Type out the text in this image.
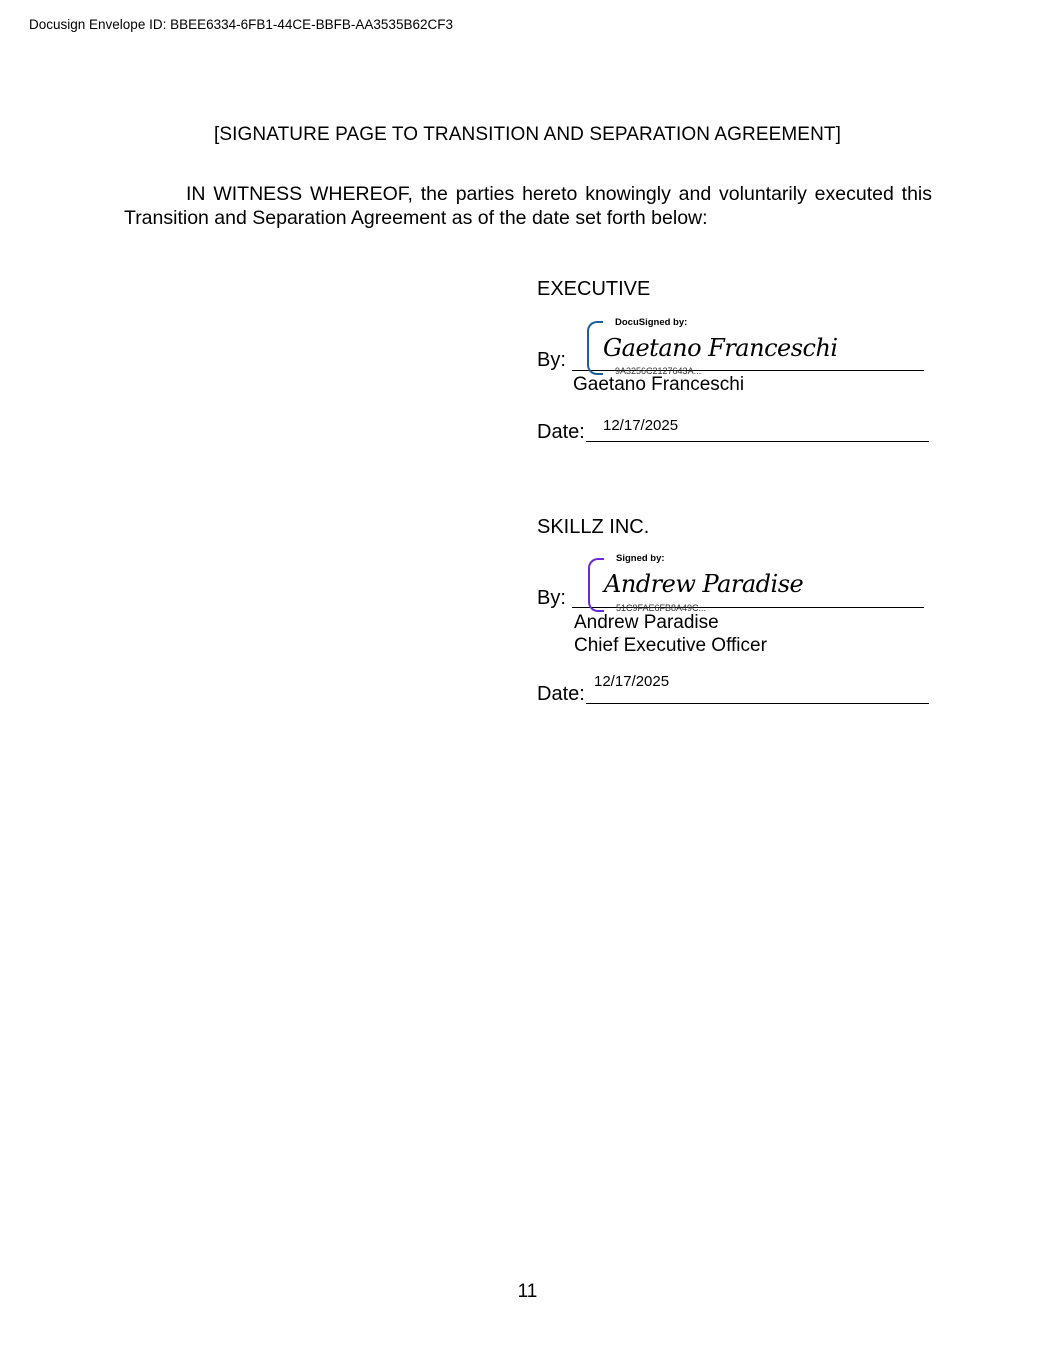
Docusign Envelope ID: BBEE6334-6FB1-44CE-BBFB-AA3535B62CF3
[SIGNATURE PAGE TO TRANSITION AND SEPARATION AGREEMENT]
IN WITNESS WHEREOF, the parties hereto knowingly and voluntarily executed this
Transition and Separation Agreement as of the date set forth below:
EXECUTIVE
By:
DocuSigned by:
Gaetano Franceschi
9A3256C2127643A...
Gaetano Franceschi
Date: 12/17/2025
SKILLZ INC.
By:
Signed by:
Andrew Paradise
51C9FAE6FB8A49C...
Andrew Paradise
Chief Executive Officer
Date:
12/17/2025
11
